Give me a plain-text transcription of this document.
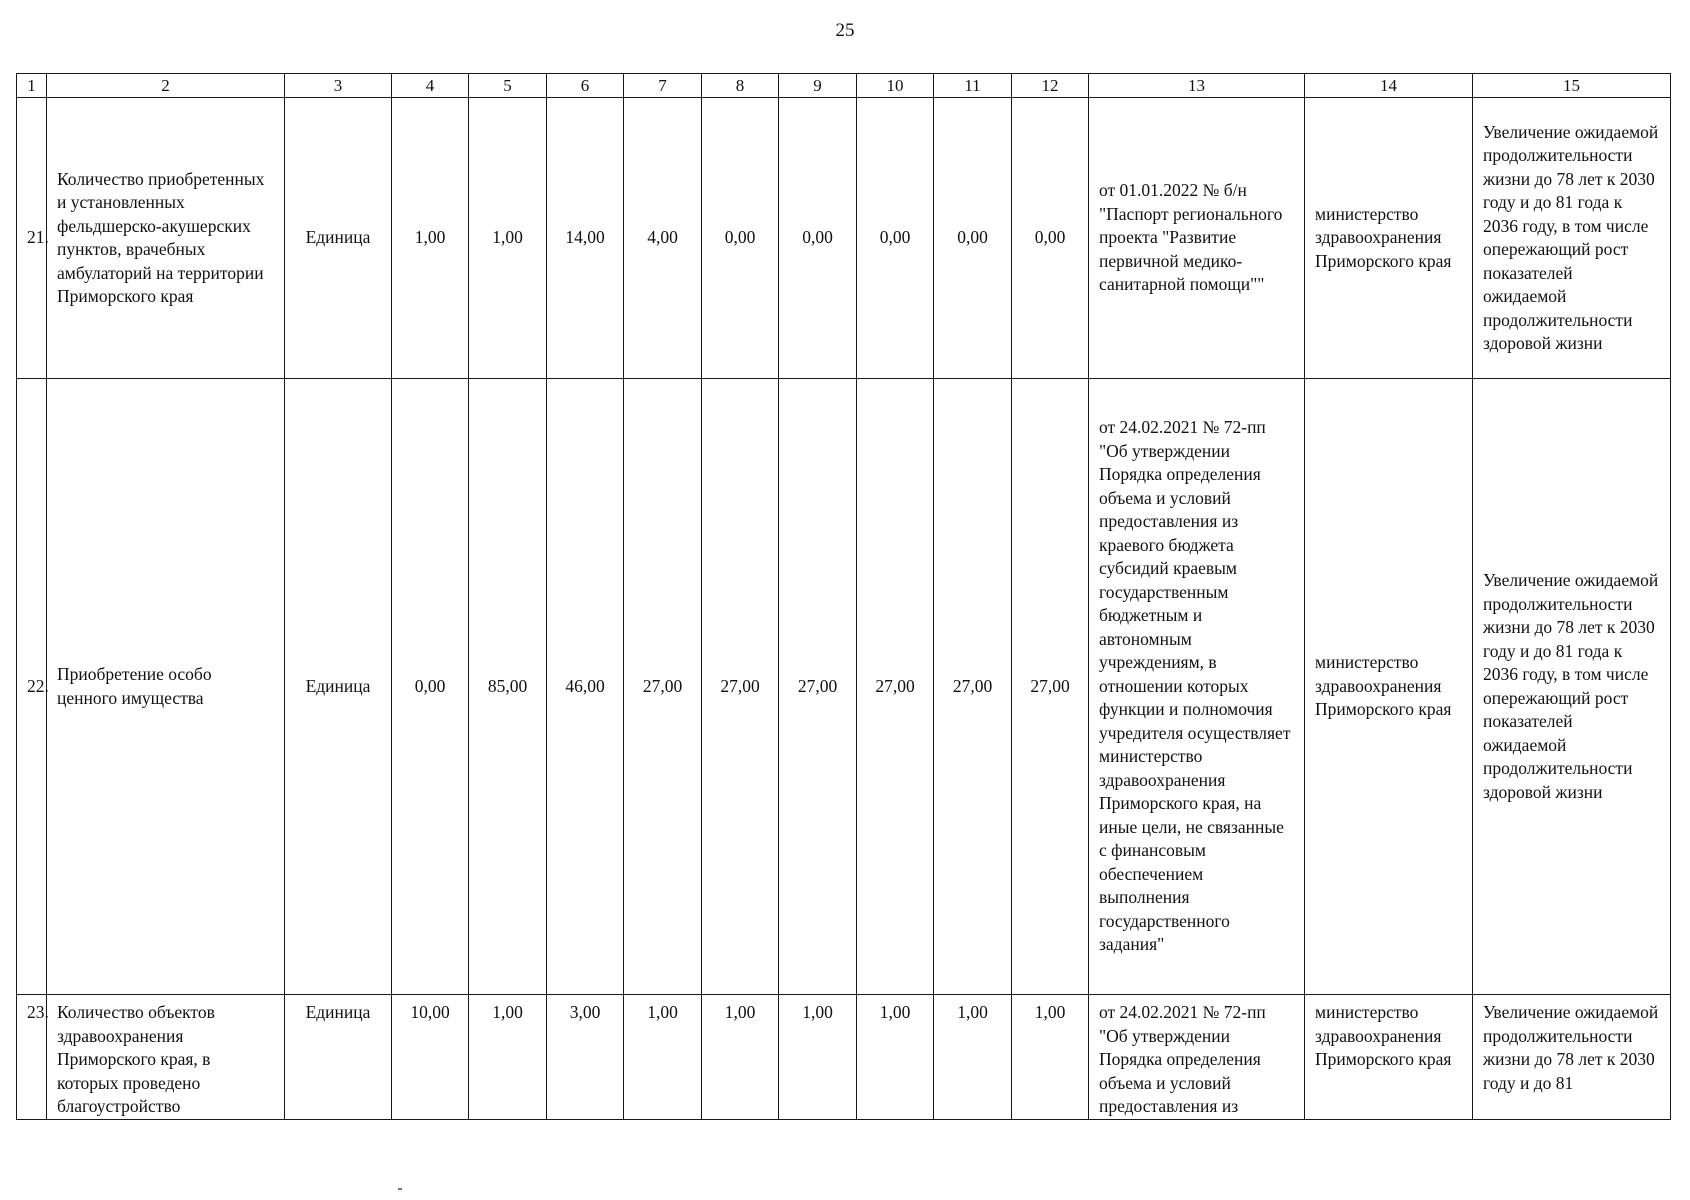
25
1	2	3	4	5	6	7	8	9	10	11	12	13	14	15
21.	Количество приобретенных и установленных фельдшерско-акушерских пунктов, врачебных амбулаторий на территории Приморского края	Единица	1,00	1,00	14,00	4,00	0,00	0,00	0,00	0,00	0,00	от 01.01.2022 № б/н "Паспорт регионального проекта "Развитие первичной медико-санитарной помощи""	министерство здравоохранения Приморского края	Увеличение ожидаемой продолжительности жизни до 78 лет к 2030 году и до 81 года к 2036 году, в том числе опережающий рост показателей ожидаемой продолжительности здоровой жизни
22.	Приобретение особо ценного имущества	Единица	0,00	85,00	46,00	27,00	27,00	27,00	27,00	27,00	27,00	от 24.02.2021 № 72-пп "Об утверждении Порядка определения объема и условий предоставления из краевого бюджета субсидий краевым государственным бюджетным и автономным учреждениям, в отношении которых функции и полномочия учредителя осуществляет министерство здравоохранения Приморского края, на иные цели, не связанные с финансовым обеспечением выполнения государственного задания"	министерство здравоохранения Приморского края	Увеличение ожидаемой продолжительности жизни до 78 лет к 2030 году и до 81 года к 2036 году, в том числе опережающий рост показателей ожидаемой продолжительности здоровой жизни
23.	Количество объектов здравоохранения Приморского края, в которых проведено благоустройство	Единица	10,00	1,00	3,00	1,00	1,00	1,00	1,00	1,00	1,00	от 24.02.2021 № 72-пп "Об утверждении Порядка определения объема и условий предоставления из	министерство здравоохранения Приморского края	Увеличение ожидаемой продолжительности жизни до 78 лет к 2030 году и до 81
